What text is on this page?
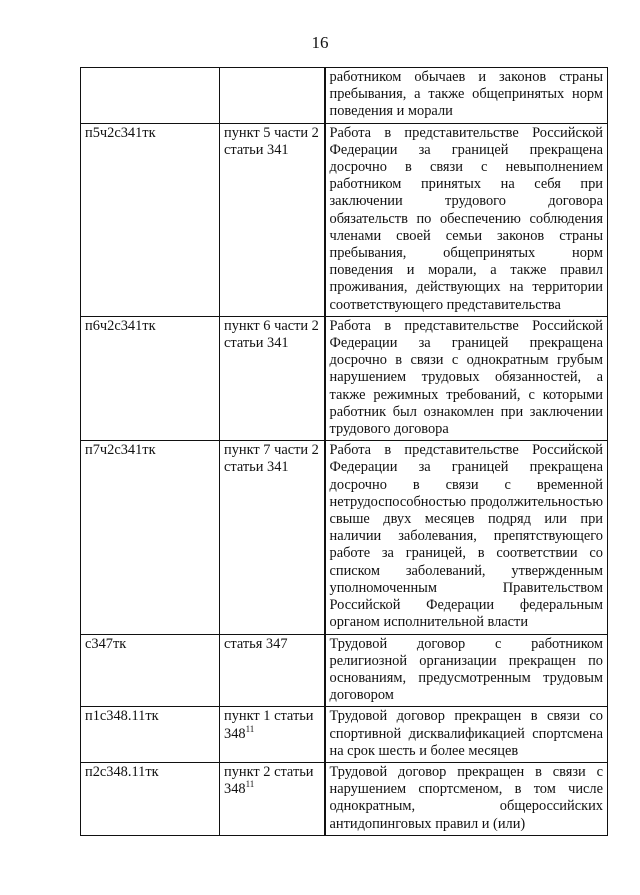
16
		работником обычаев и законов страны пребывания, а также общепринятых норм поведения и морали
п5ч2с341тк	пункт 5 части 2 статьи 341	Работа в представительстве Российской Федерации за границей прекращена досрочно в связи с невыполнением работником принятых на себя при заключении трудового договора обязательств по обеспечению соблюдения членами своей семьи законов страны пребывания, общепринятых норм поведения и морали, а также правил проживания, действующих на территории соответствующего представительства
п6ч2с341тк	пункт 6 части 2 статьи 341	Работа в представительстве Российской Федерации за границей прекращена досрочно в связи с однократным грубым нарушением трудовых обязанностей, а также режимных требований, с которыми работник был ознакомлен при заключении трудового договора
п7ч2с341тк	пункт 7 части 2 статьи 341	Работа в представительстве Российской Федерации за границей прекращена досрочно в связи с временной нетрудоспособностью продолжительностью свыше двух месяцев подряд или при наличии заболевания, препятствующего работе за границей, в соответствии со списком заболеваний, утвержденным уполномоченным Правительством Российской Федерации федеральным органом исполнительной власти
с347тк	статья 347	Трудовой договор с работником религиозной организации прекращен по основаниям, предусмотренным трудовым договором
п1с348.11тк	пункт 1 статьи $348^{11}$	Трудовой договор прекращен в связи со спортивной дисквалификацией спортсмена на срок шесть и более месяцев
п2с348.11тк	пункт 2 статьи $348^{11}$	Трудовой договор прекращен в связи с нарушением спортсменом, в том числе однократным, общероссийских антидопинговых правил и (или)
